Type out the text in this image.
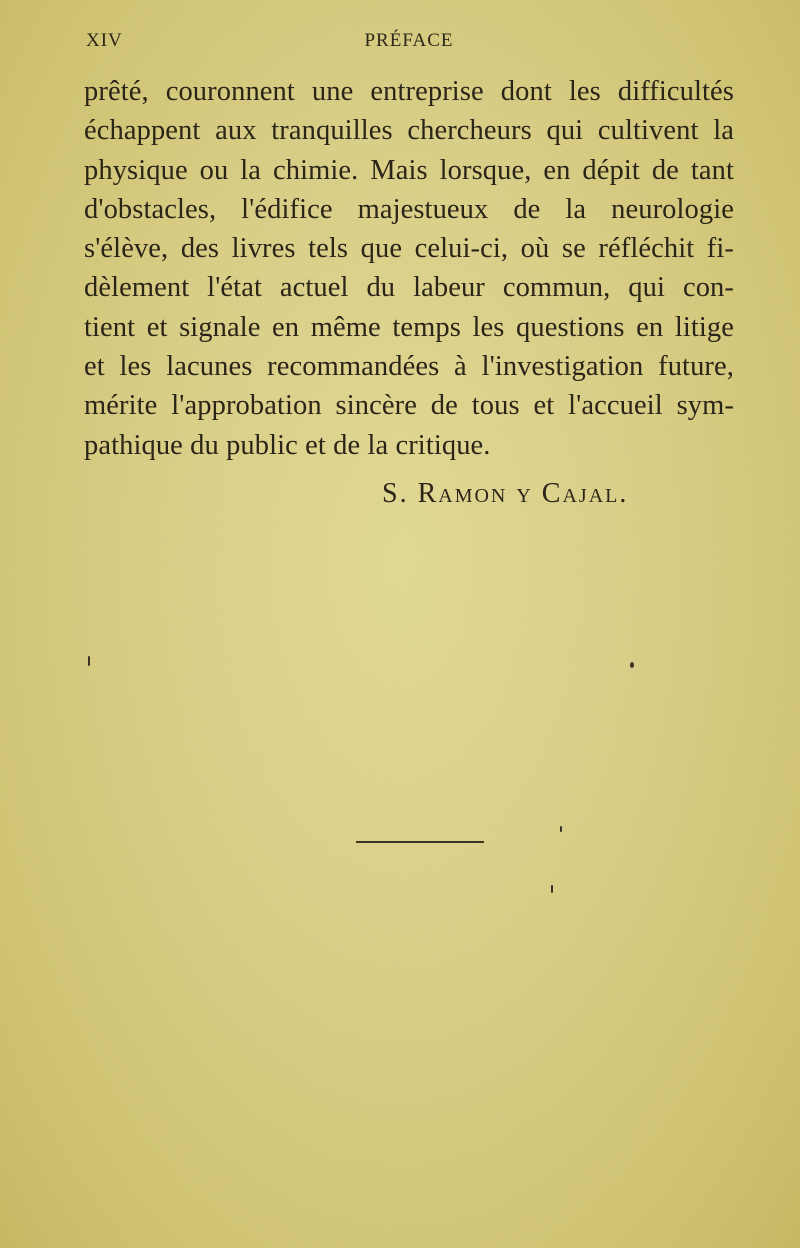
XIV	PRÉFACE
prêté, couronnent une entreprise dont les difficultés
échappent aux tranquilles chercheurs qui cultivent la
physique ou la chimie. Mais lorsque, en dépit de tant
d'obstacles, l'édifice majestueux de la neurologie
s'élève, des livres tels que celui-ci, où se réfléchit fi-
dèlement l'état actuel du labeur commun, qui con-
tient et signale en même temps les questions en litige
et les lacunes recommandées à l'investigation future,
mérite l'approbation sincère de tous et l'accueil sym-
pathique du public et de la critique.
S. Ramon y Cajal.
